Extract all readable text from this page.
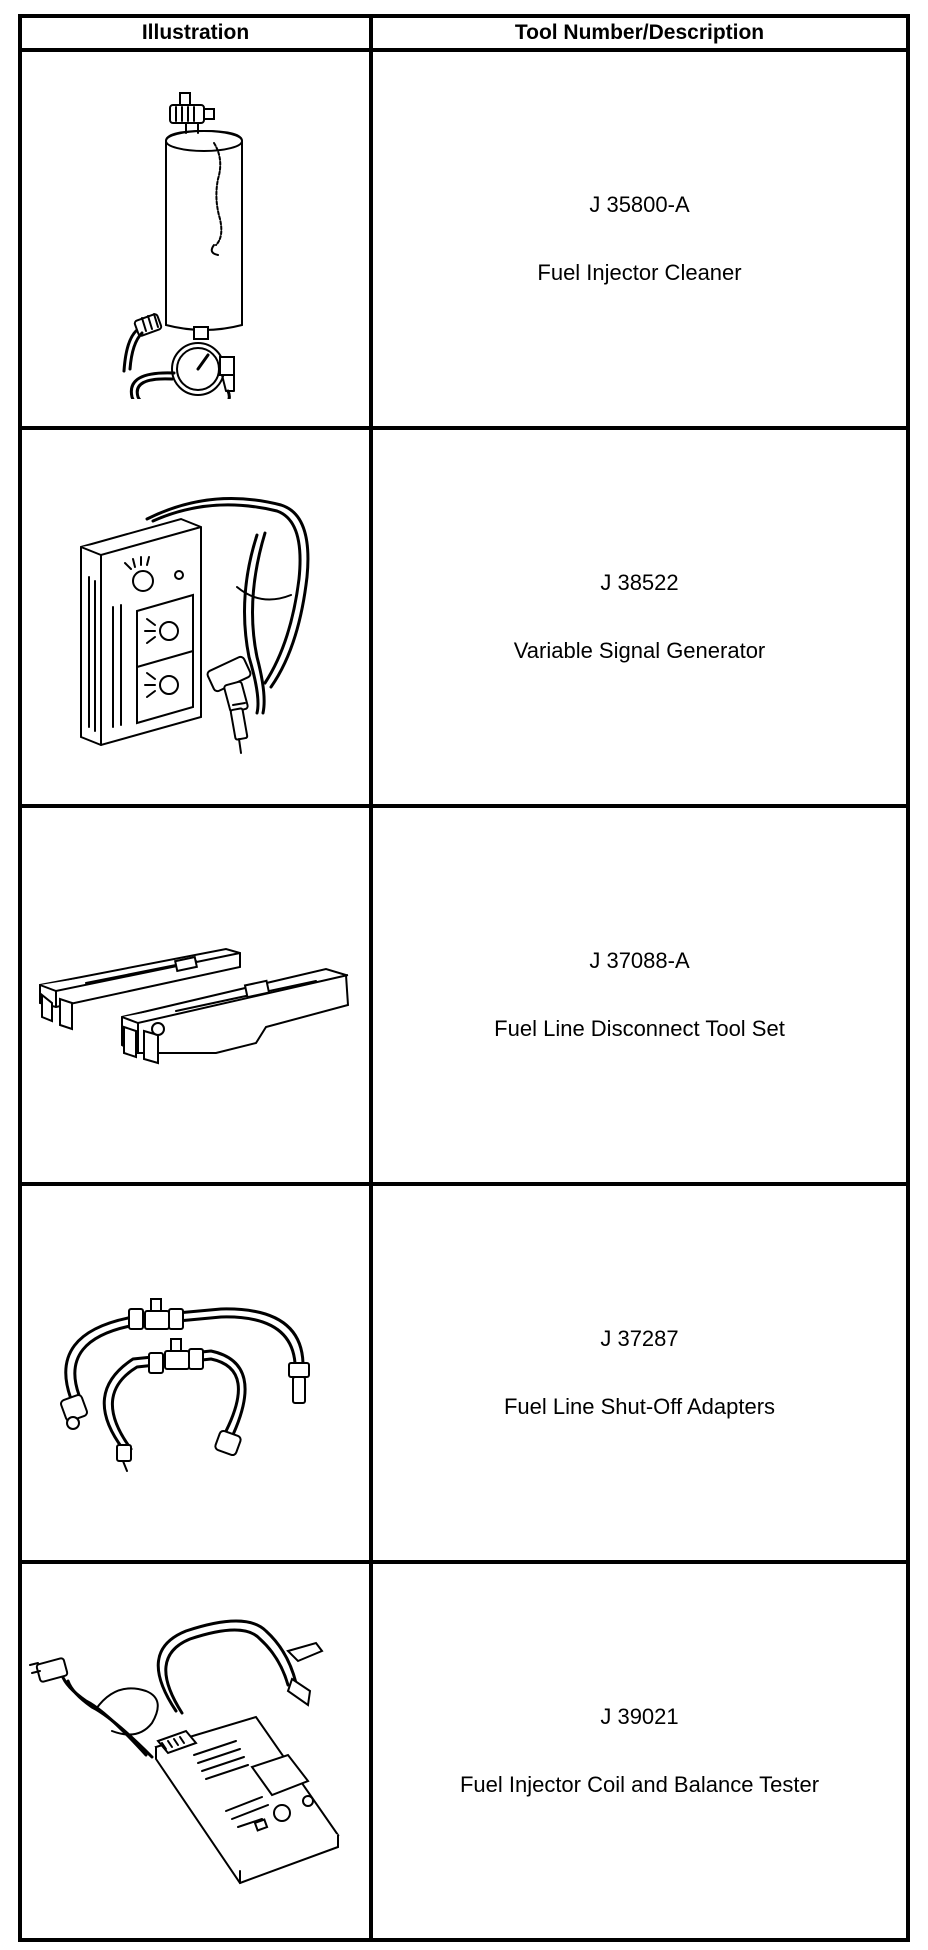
Illustration	Tool Number/Description

J 35800-A
Fuel Injector Cleaner

J 38522
Variable Signal Generator

J 37088-A
Fuel Line Disconnect Tool Set

J 37287
Fuel Line Shut-Off Adapters

J 39021
Fuel Injector Coil and Balance Tester
